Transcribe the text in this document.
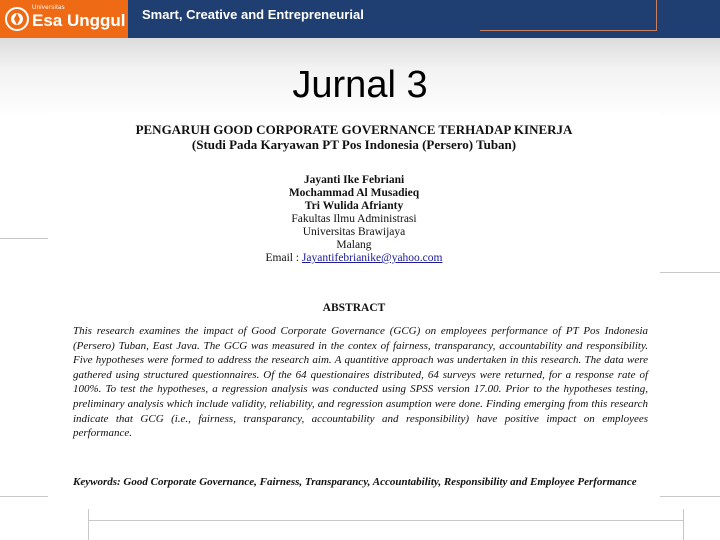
Universitas
Esa Unggul Smart, Creative and Entrepreneurial
Jurnal 3
PENGARUH GOOD CORPORATE GOVERNANCE TERHADAP KINERJA
(Studi Pada Karyawan PT Pos Indonesia (Persero) Tuban)
Jayanti Ike Febriani
Mochammad Al Musadieq
Tri Wulida Afrianty
Fakultas Ilmu Administrasi
Universitas Brawijaya
Malang
Email : Jayantifebrianike@yahoo.com
ABSTRACT
This research examines the impact of Good Corporate Governance (GCG) on employees performance of PT Pos Indonesia (Persero) Tuban, East Java. The GCG was measured in the contex of fairness, transparancy, accountability and responsibility. Five hypotheses were formed to address the research aim. A quantitive approach was undertaken in this research. The data were gathered using structured questionnaires. Of the 64 questionaires distributed, 64 surveys were returned, for a response rate of 100%. To test the hypotheses, a regression analysis was conducted using SPSS version 17.00. Prior to the hypotheses testing, preliminary analysis which include validity, reliability, and regression asumption were done. Finding emerging from this research indicate that GCG (i.e., fairness, transparancy, accountability and responsibility) have positive impact on employees performance.
Keywords: Good Corporate Governance, Fairness, Transparancy, Accountability, Responsibility and Employee Performance
